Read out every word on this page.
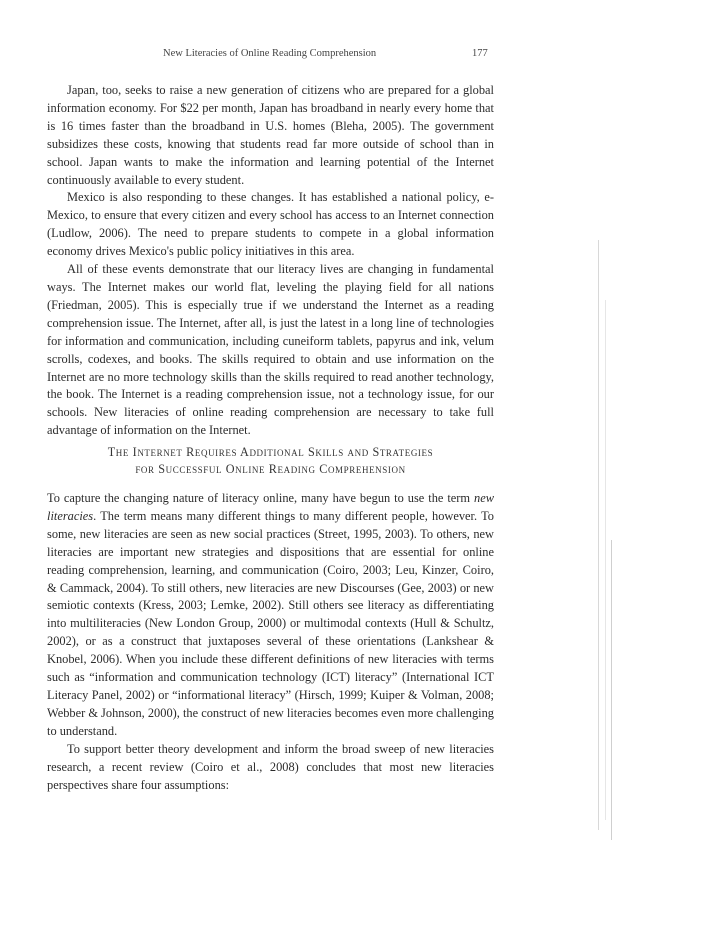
New Literacies of Online Reading Comprehension	177

Japan, too, seeks to raise a new generation of citizens who are prepared for a global information economy. For $22 per month, Japan has broadband in nearly every home that is 16 times faster than the broadband in U.S. homes (Bleha, 2005). The government subsidizes these costs, knowing that students read far more outside of school than in school. Japan wants to make the information and learning potential of the Internet continuously available to every student.

Mexico is also responding to these changes. It has established a national policy, e-Mexico, to ensure that every citizen and every school has access to an Internet connection (Ludlow, 2006). The need to prepare students to compete in a global information economy drives Mexico's public policy initiatives in this area.

All of these events demonstrate that our literacy lives are changing in fundamental ways. The Internet makes our world flat, leveling the playing field for all nations (Friedman, 2005). This is especially true if we understand the Internet as a reading comprehension issue. The Internet, after all, is just the latest in a long line of technologies for information and communication, including cuneiform tablets, papyrus and ink, velum scrolls, codexes, and books. The skills required to obtain and use information on the Internet are no more technology skills than the skills required to read another technology, the book. The Internet is a reading comprehension issue, not a technology issue, for our schools. New literacies of online reading comprehension are necessary to take full advantage of information on the Internet.

The Internet Requires Additional Skills and Strategies
for Successful Online Reading Comprehension

To capture the changing nature of literacy online, many have begun to use the term new literacies. The term means many different things to many different people, however. To some, new literacies are seen as new social practices (Street, 1995, 2003). To others, new literacies are important new strategies and dispositions that are essential for online reading comprehension, learning, and communication (Coiro, 2003; Leu, Kinzer, Coiro, & Cammack, 2004). To still others, new literacies are new Discourses (Gee, 2003) or new semiotic contexts (Kress, 2003; Lemke, 2002). Still others see literacy as differentiating into multiliteracies (New London Group, 2000) or multimodal contexts (Hull & Schultz, 2002), or as a construct that juxtaposes several of these orientations (Lankshear & Knobel, 2006). When you include these different definitions of new literacies with terms such as “information and communication technology (ICT) literacy” (International ICT Literacy Panel, 2002) or “informational literacy” (Hirsch, 1999; Kuiper & Volman, 2008; Webber & Johnson, 2000), the construct of new literacies becomes even more challenging to understand.

To support better theory development and inform the broad sweep of new literacies research, a recent review (Coiro et al., 2008) concludes that most new literacies perspectives share four assumptions:
